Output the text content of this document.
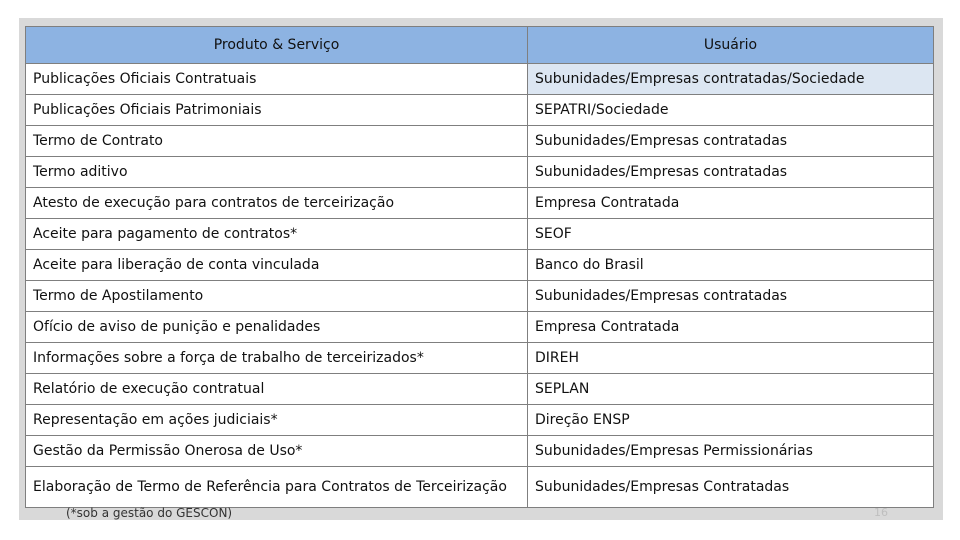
Produto & Serviço	Usuário
Publicações Oficiais Contratuais	Subunidades/Empresas contratadas/Sociedade
Publicações Oficiais Patrimoniais	SEPATRI/Sociedade
Termo de Contrato	Subunidades/Empresas contratadas
Termo aditivo	Subunidades/Empresas contratadas
Atesto de execução para contratos de terceirização	Empresa Contratada
Aceite para pagamento de contratos*	SEOF
Aceite para liberação de conta vinculada	Banco do Brasil
Termo de Apostilamento	Subunidades/Empresas contratadas
Ofício de aviso de punição e penalidades	Empresa Contratada
Informações sobre a força de trabalho de terceirizados*	DIREH
Relatório de execução contratual	SEPLAN
Representação em ações judiciais*	Direção ENSP
Gestão da Permissão Onerosa de Uso*	Subunidades/Empresas Permissionárias
Elaboração de Termo de Referência para Contratos de Terceirização	Subunidades/Empresas Contratadas
(*sob a gestão do GESCON)	16
